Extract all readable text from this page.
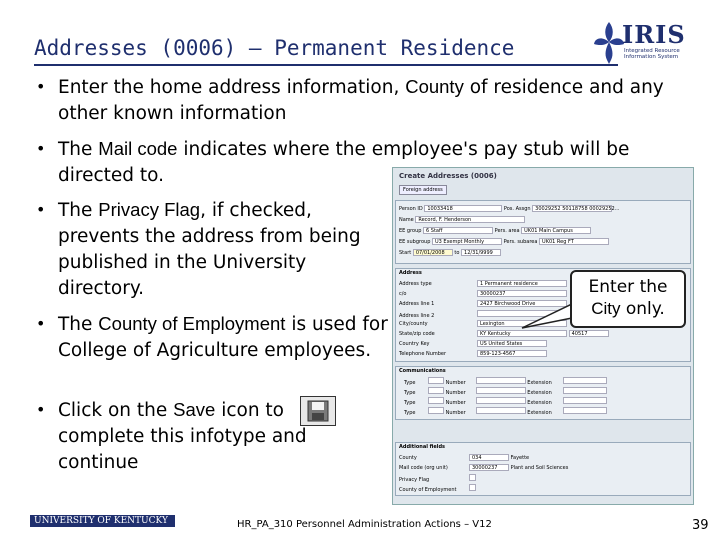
Addresses (0006) – Permanent Residence	IRIS
Integrated Resource Information System
• Enter the home address information, County of residence and any other known information
• The Mail code indicates where the employee's pay stub will be directed to.
• The Privacy Flag, if checked, prevents the address from being published in the University directory.
• The County of Employment is used for College of Agriculture employees.
• Click on the Save icon to complete this infotype and continue
Create Addresses (0006)
Foreign address
Person ID 10033418	Pos. Assgn 30029252 50118758 00029252...
Name Record, F. Henderson
EE group 6 Staff	Pers. area UK01 Main Campus
EE subgroup U3 Exempt Monthly	Pers. subarea UK01 Reg FT
Start 07/01/2008 to 12/31/9999
Address
Address type	1 Permanent residence
c/o	30000237
Address line 1	2427 Birchwood Drive
Address line 2
City/county	Lexington
State/zip code	KY Kentucky	40517
Country Key	US United States
Telephone Number	859-123-4567
Communications
Type	Number	Extension
Type	Number	Extension
Type	Number	Extension
Type	Number	Extension
Additional fields
County	034	Fayette
Mail code (org unit)	30000237	Plant and Soil Sciences
Privacy Flag
County of Employment
Enter the
City only.
UNIVERSITY OF KENTUCKY	HR_PA_310 Personnel Administration Actions – V12	39
